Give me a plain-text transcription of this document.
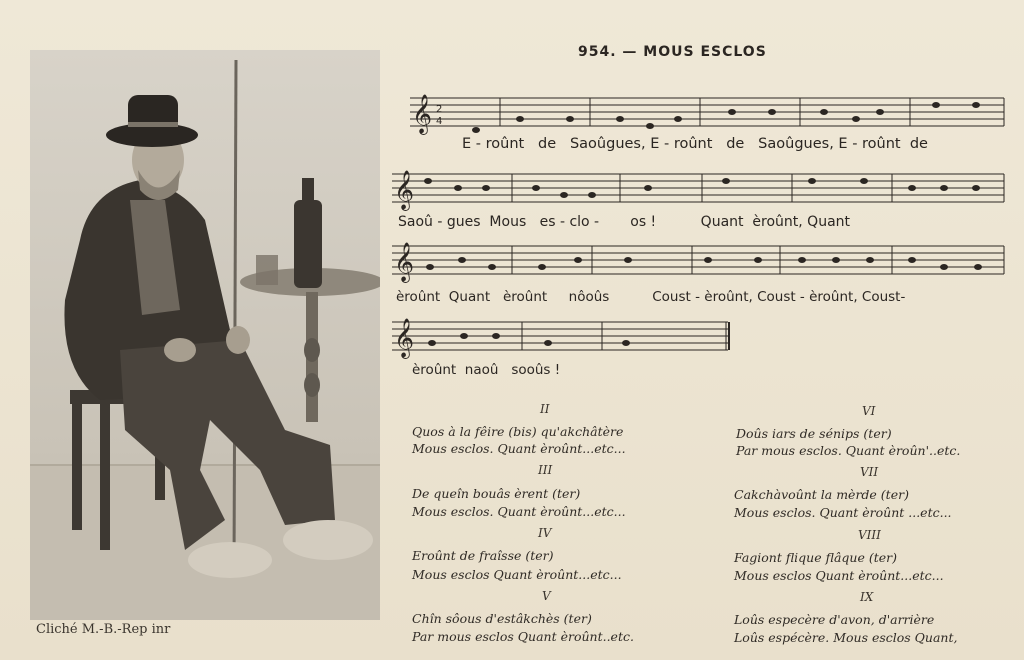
Cliché M.-B.-Rep inr
954. — MOUS ESCLOS
𝄞 2
4
E - roûnt   de   Saoûgues, E - roûnt   de   Saoûgues, E - roûnt  de
𝄞
Saoû - gues  Mous   es - clo -       os !          Quant  èroûnt, Quant
𝄞
èroûnt  Quant   èroûnt     nôoûs          Coust - èroûnt, Coust - èroûnt, Coust-
𝄞
èroûnt  naoû   sooûs !
II
Quos à la fêire (bis) qu'akchâtère
Mous esclos. Quant èroûnt...etc...
III
De queîn bouâs èrent (ter)
Mous esclos. Quant èroûnt...etc...
IV
Eroûnt de fraîsse (ter)
Mous esclos Quant èroûnt...etc...
V
Chîn sôous d'estâkchès (ter)
Par mous esclos Quant èroûnt..etc.
VI
Doûs iars de sénips (ter)
Par mous esclos. Quant èroûn'..etc.
VII
Cakchàvoûnt la mèrde (ter)
Mous esclos. Quant èroûnt ...etc...
VIII
Fagiont flique flâque (ter)
Mous esclos Quant èroûnt...etc...
IX
Loûs especère d'avon, d'arrière
Loûs espécère. Mous esclos Quant,
